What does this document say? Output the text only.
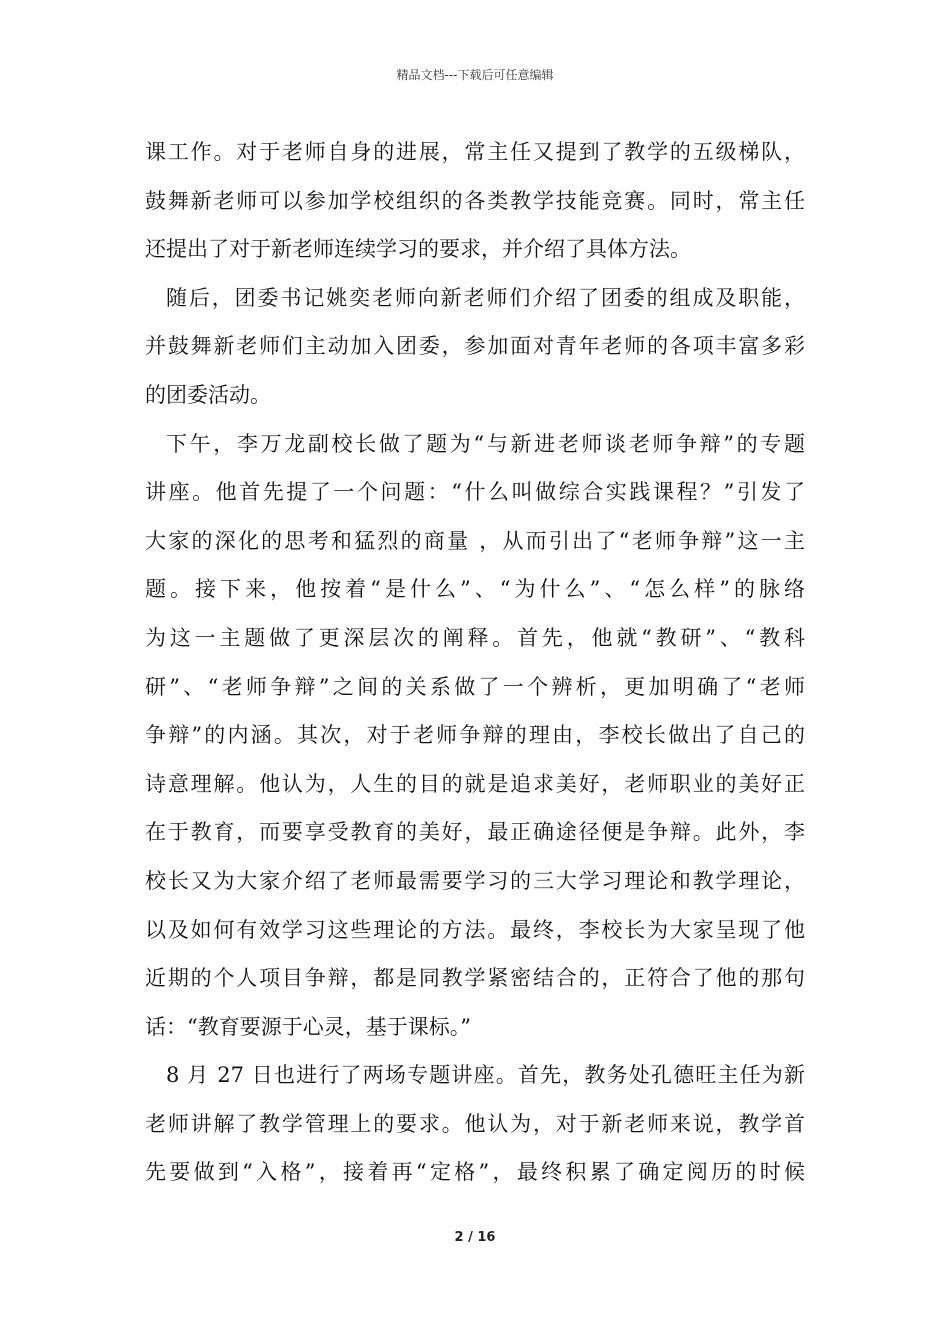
精品文档---下载后可任意编辑
课工作。对于老师自身的进展，常主任又提到了教学的五级梯队，
鼓舞新老师可以参加学校组织的各类教学技能竞赛。同时，常主任
还提出了对于新老师连续学习的要求，并介绍了具体方法。
随后，团委书记姚奕老师向新老师们介绍了团委的组成及职能，
并鼓舞新老师们主动加入团委，参加面对青年老师的各项丰富多彩
的团委活动。
下午，李万龙副校长做了题为“与新进老师谈老师争辩”的专题
讲座。他首先提了一个问题：“什么叫做综合实践课程？”引发了
大家的深化的思考和猛烈的商量 ，从而引出了“老师争辩”这一主
题。接下来，他按着“是什么”、“为什么”、“怎么样”的脉络
为这一主题做了更深层次的阐释。首先，他就“教研”、“教科
研”、“老师争辩”之间的关系做了一个辨析，更加明确了“老师
争辩”的内涵。其次，对于老师争辩的理由，李校长做出了自己的
诗意理解。他认为，人生的目的就是追求美好，老师职业的美好正
在于教育，而要享受教育的美好，最正确途径便是争辩。此外，李
校长又为大家介绍了老师最需要学习的三大学习理论和教学理论，
以及如何有效学习这些理论的方法。最终，李校长为大家呈现了他
近期的个人项目争辩，都是同教学紧密结合的，正符合了他的那句
话：“教育要源于心灵，基于课标。”
8 月 27 日也进行了两场专题讲座。首先，教务处孔德旺主任为新
老师讲解了教学管理上的要求。他认为，对于新老师来说，教学首
先要做到“入格”，接着再“定格”，最终积累了确定阅历的时候
2 / 16
